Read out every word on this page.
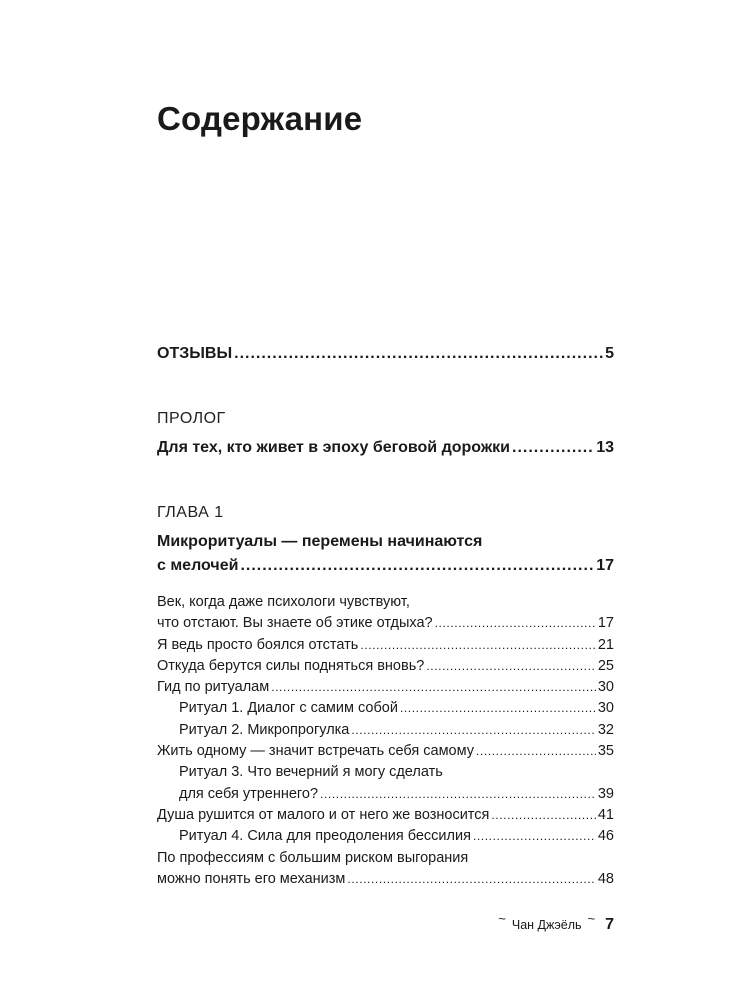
Содержание
ОТЗЫВЫ .....	5
ПРОЛОГ
Для тех, кто живет в эпоху беговой дорожки .....	13
ГЛАВА 1
Микроритуалы — перемены начинаются
с мелочей .....	17
Век, когда даже психологи чувствуют,
что отстают. Вы знаете об этике отдыха? .....	17
Я ведь просто боялся отстать .....	21
Откуда берутся силы подняться вновь? .....	25
Гид по ритуалам .....	30
Ритуал 1. Диалог с самим собой .....	30
Ритуал 2. Микропрогулка .....	32
Жить одному — значит встречать себя самому .....	35
Ритуал 3. Что вечерний я могу сделать
для себя утреннего? .....	39
Душа рушится от малого и от него же возносится .....	41
Ритуал 4. Сила для преодоления бессилия .....	46
По профессиям с большим риском выгорания
можно понять его механизм .....	48
~ Чан Джэёль ~ 7
